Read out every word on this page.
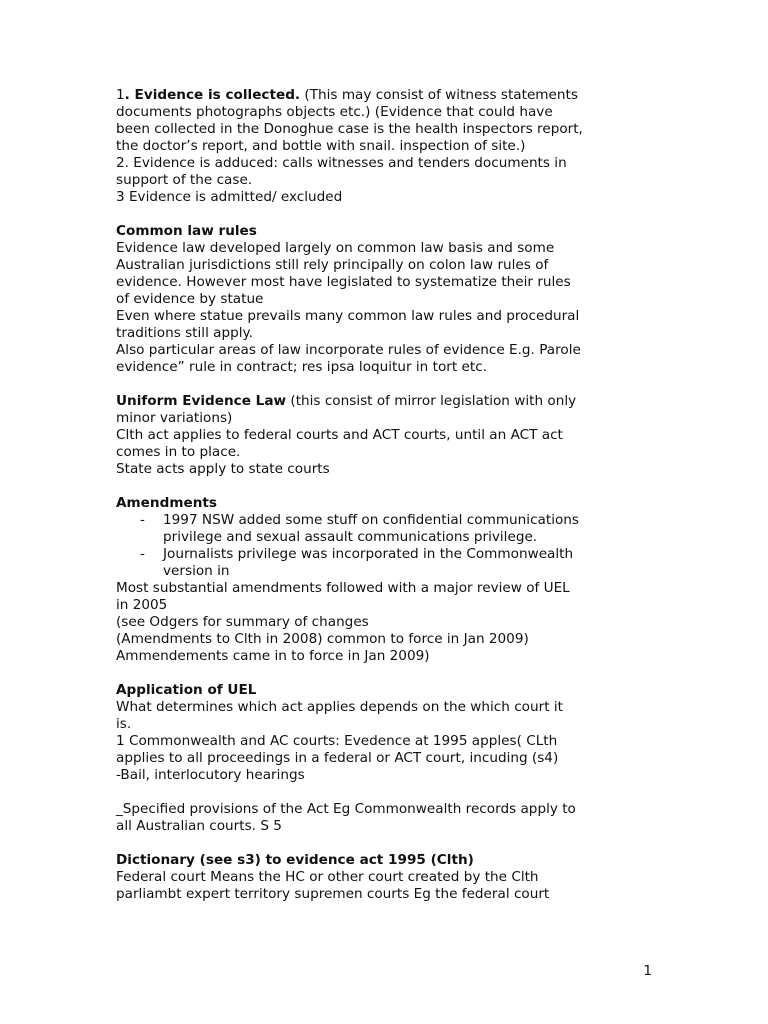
1. Evidence is collected. (This may consist of witness statements
documents photographs objects etc.) (Evidence that could have
been collected in the Donoghue case is the health inspectors report,
the doctor’s report, and bottle with snail. inspection of site.)
2. Evidence is adduced: calls witnesses and tenders documents in
support of the case.
3 Evidence is admitted/ excluded
Common law rules
Evidence law developed largely on common law basis and some
Australian jurisdictions still rely principally on colon law rules of
evidence. However most have legislated to systematize their rules
of evidence by statue
Even where statue prevails many common law rules and procedural
traditions still apply.
Also particular areas of law incorporate rules of evidence E.g. Parole
evidence” rule in contract; res ipsa loquitur in tort etc.
Uniform Evidence Law (this consist of mirror legislation with only
minor variations)
Clth act applies to federal courts and ACT courts, until an ACT act
comes in to place.
State acts apply to state courts
Amendments
- 1997 NSW added some stuff on confidential communications
privilege and sexual assault communications privilege.
- Journalists privilege was incorporated in the Commonwealth
version in
Most substantial amendments followed with a major review of UEL
in 2005
(see Odgers for summary of changes
(Amendments to Clth in 2008) common to force in Jan 2009)
Ammendements came in to force in Jan 2009)
Application of UEL
What determines which act applies depends on the which court it
is.
1 Commonwealth and AC courts: Evedence at 1995 apples( CLth
applies to all proceedings in a federal or ACT court, incuding (s4)
-Bail, interlocutory hearings
_Specified provisions of the Act Eg Commonwealth records apply to
all Australian courts. S 5
Dictionary (see s3) to evidence act 1995 (Clth)
Federal court Means the HC or other court created by the Clth
parliambt expert territory supremen courts Eg the federal court
1
